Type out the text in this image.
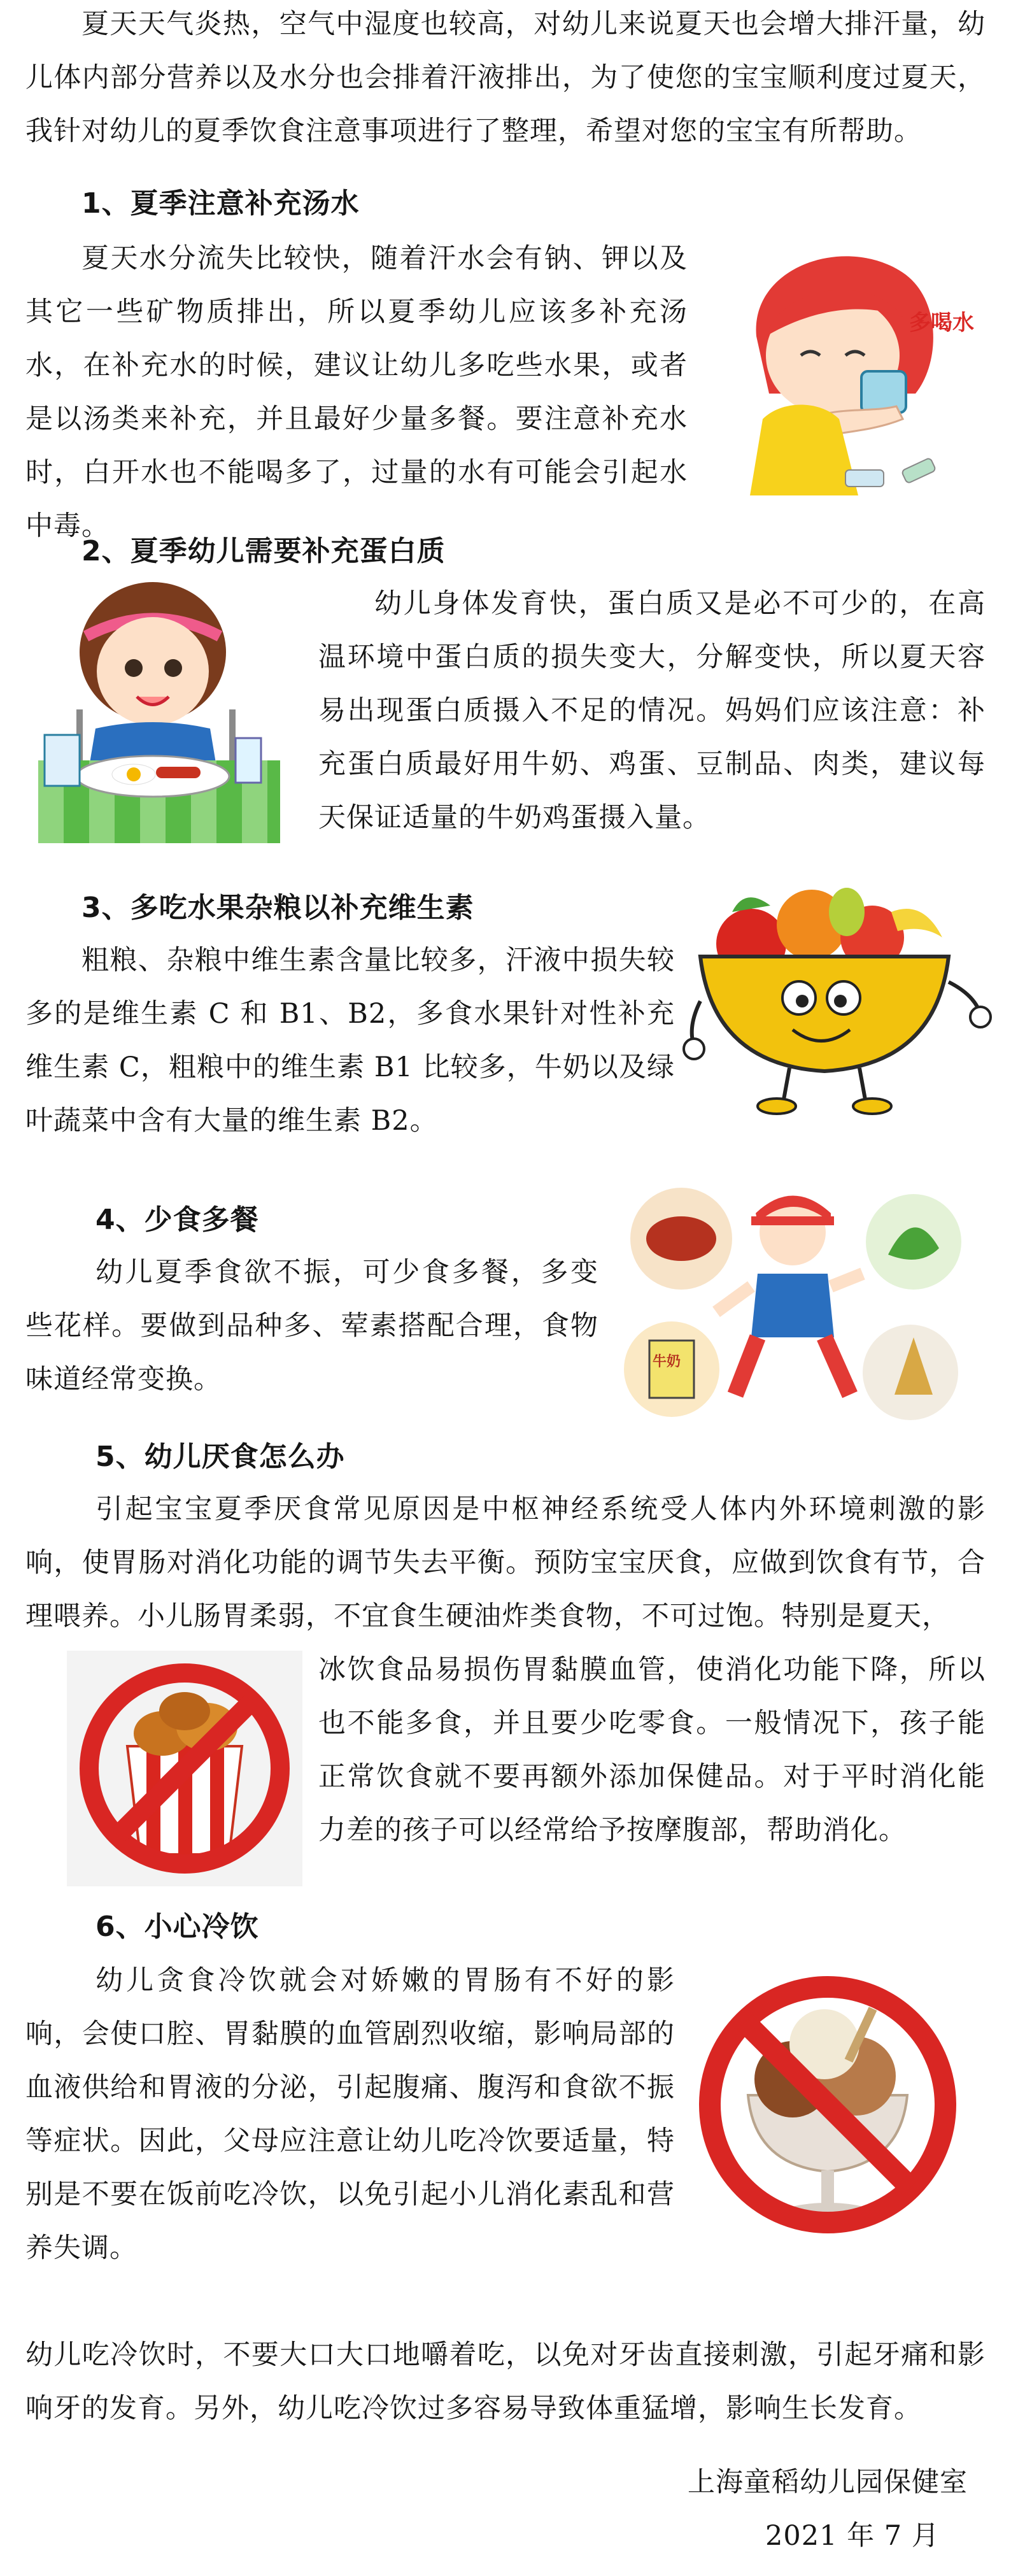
夏天天气炎热，空气中湿度也较高，对幼儿来说夏天也会增大排汗量，幼儿体内部分营养以及水分也会排着汗液排出，为了使您的宝宝顺利度过夏天，我针对幼儿的夏季饮食注意事项进行了整理，希望对您的宝宝有所帮助。
1、夏季注意补充汤水
夏天水分流失比较快，随着汗水会有钠、钾以及其它一些矿物质排出，所以夏季幼儿应该多补充汤水，在补充水的时候，建议让幼儿多吃些水果，或者是以汤类来补充，并且最好少量多餐。要注意补充水时，白开水也不能喝多了，过量的水有可能会引起水中毒。
多喝水
2、夏季幼儿需要补充蛋白质
幼儿身体发育快，蛋白质又是必不可少的，在高温环境中蛋白质的损失变大，分解变快，所以夏天容易出现蛋白质摄入不足的情况。妈妈们应该注意：补充蛋白质最好用牛奶、鸡蛋、豆制品、肉类，建议每天保证适量的牛奶鸡蛋摄入量。
3、多吃水果杂粮以补充维生素
粗粮、杂粮中维生素含量比较多，汗液中损失较多的是维生素 C 和 B1、B2，多食水果针对性补充维生素 C，粗粮中的维生素 B1 比较多，牛奶以及绿叶蔬菜中含有大量的维生素 B2。
4、少食多餐
幼儿夏季食欲不振，可少食多餐，多变些花样。要做到品种多、荤素搭配合理，食物味道经常变换。
牛奶
5、幼儿厌食怎么办
引起宝宝夏季厌食常见原因是中枢神经系统受人体内外环境刺激的影响，使胃肠对消化功能的调节失去平衡。预防宝宝厌食，应做到饮食有节，合理喂养。小儿肠胃柔弱，不宜食生硬油炸类食物，不可过饱。特别是夏天，
冰饮食品易损伤胃黏膜血管，使消化功能下降，所以也不能多食，并且要少吃零食。一般情况下，孩子能正常饮食就不要再额外添加保健品。对于平时消化能力差的孩子可以经常给予按摩腹部，帮助消化。
6、小心冷饮
幼儿贪食冷饮就会对娇嫩的胃肠有不好的影响，会使口腔、胃黏膜的血管剧烈收缩，影响局部的血液供给和胃液的分泌，引起腹痛、腹泻和食欲不振等症状。因此，父母应注意让幼儿吃冷饮要适量，特别是不要在饭前吃冷饮，以免引起小儿消化素乱和营养失调。
幼儿吃冷饮时，不要大口大口地嚼着吃，以免对牙齿直接刺激，引起牙痛和影响牙的发育。另外，幼儿吃冷饮过多容易导致体重猛增，影响生长发育。
上海童稻幼儿园保健室
2021 年 7 月
